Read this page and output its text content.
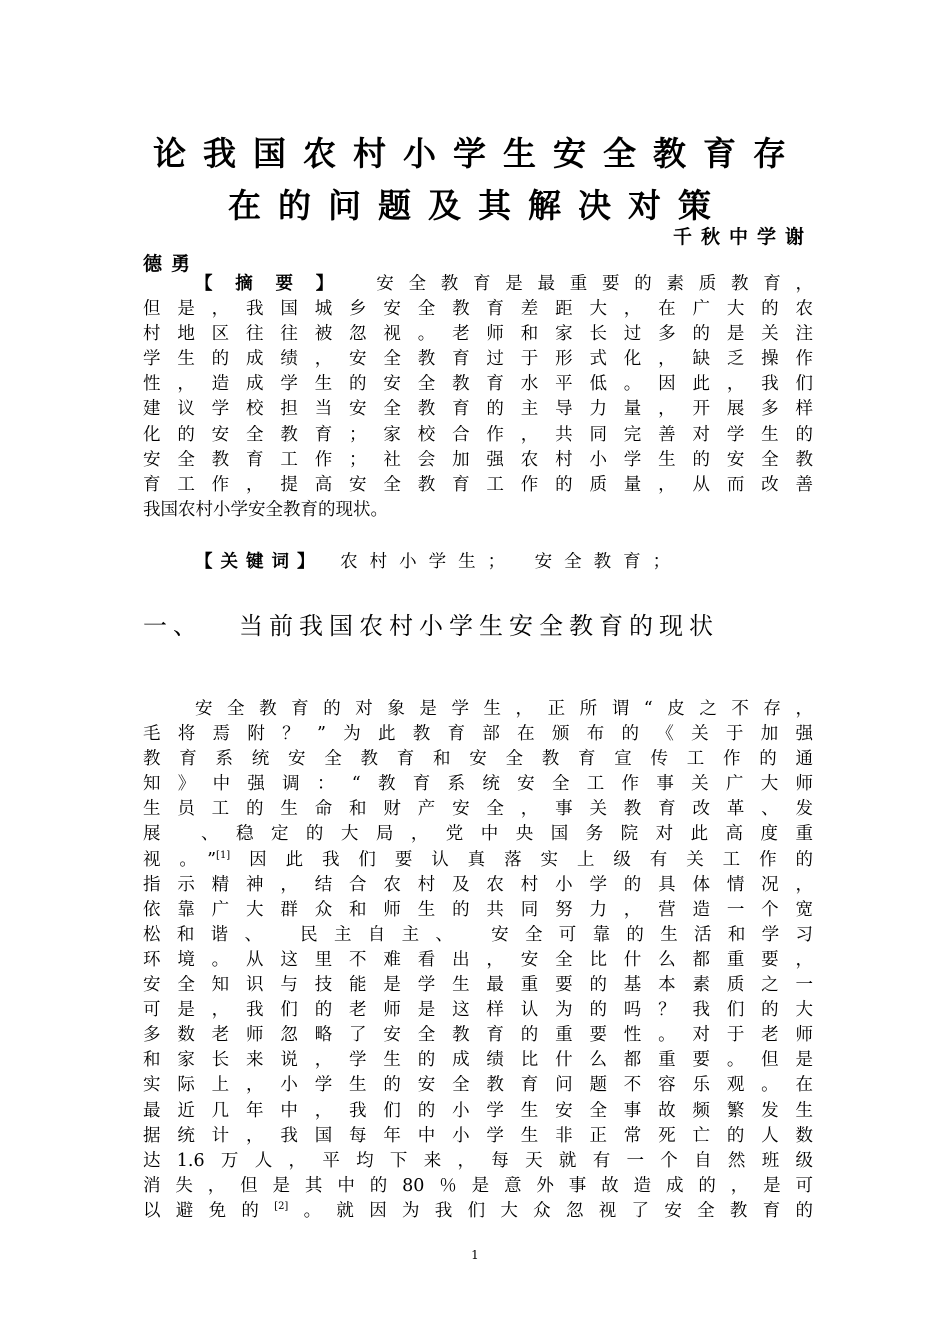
论我国农村小学生安全教育存
在的问题及其解决对策
千秋中学谢
德勇
【摘要】 安全教育是最重要的素质教育，
但是，我国城乡安全教育差距大，在广大的农
村地区往往被忽视。老师和家长过多的是关注
学生的成绩，安全教育过于形式化，缺乏操作
性，造成学生的安全教育水平低。因此，我们
建议学校担当安全教育的主导力量，开展多样
化的安全教育；家校合作，共同完善对学生的
安全教育工作；社会加强农村小学生的安全教
育工作，提高安全教育工作的质量，从而改善
我国农村小学安全教育的现状。
【关键词】 农村小学生； 安全教育；
一、 当前我国农村小学生安全教育的现状
安全教育的对象是学生，正所谓“皮之不存，
毛将焉附？”为此教育部在颁布的《关于加强
教育系统安全教育和安全教育宣传工作的通
知》中强调：“教育系统安全工作事关广大师
生员工的生命和财产安全，事关教育改革、发
展 、稳定的大局，党中央国务院对此高度重
视。”[1]因此我们要认真落实上级有关工作的
指示精神，结合农村及农村小学的具体情况，
依靠广大群众和师生的共同努力，营造一个宽
松和谐、 民主自主、 安全可靠的生活和学习
环境。从这里不难看出，安全比什么都重要，
安全知识与技能是学生最重要的基本素质之一
可是，我们的老师是这样认为的吗？我们的大
多数老师忽略了安全教育的重要性。对于老师
和家长来说，学生的成绩比什么都重要。但是
实际上，小学生的安全教育问题不容乐观。在
最近几年中，我们的小学生安全事故频繁发生
据统计，我国每年中小学生非正常死亡的人数
达1.6万人，平均下来，每天就有一个自然班级
消失，但是其中的80％是意外事故造成的，是可
以避免的[2]。就因为我们大众忽视了安全教育的
1
